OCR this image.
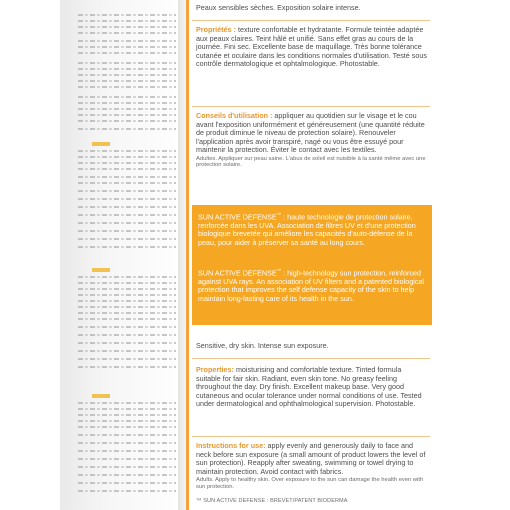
Peaux sensibles sèches. Exposition solaire intense.

Propriétés : texture confortable et hydratante. Formule teintée adaptée aux peaux claires. Teint hâlé et unifié. Sans effet gras au cours de la journée. Fini sec. Excellente base de maquillage. Très bonne tolérance cutanée et oculaire dans les conditions normales d'utilisation. Testé sous contrôle dermatologique et ophtalmologique. Photostable.

Conseils d'utilisation : appliquer au quotidien sur le visage et le cou avant l'exposition uniformément et généreusement (une quantité réduite de produit diminue le niveau de protection solaire). Renouveler l'application après avoir transpiré, nagé ou vous être essuyé pour maintenir la protection. Éviter le contact avec les textiles.

Adultes. Appliquer sur peau saine. L'abus de soleil est nuisible à la santé même avec une protection solaire.

SUN ACTIVE DEFENSE™ : haute technologie de protection solaire, renforcée dans les UVA. Association de filtres UV et d'une protection biologique brevetée qui améliore les capacités d'auto-défense de la peau, pour aider à préserver sa santé au long cours.

SUN ACTIVE DEFENSE™ : high-technology sun protection, reinforced against UVA rays. An association of UV filters and a patented biological protection that improves the self defense capacity of the skin to help maintain long-lasting care of its health in the sun.

Sensitive, dry skin. Intense sun exposure.

Properties: moisturising and comfortable texture. Tinted formula suitable for fair skin. Radiant, even skin tone. No greasy feeling throughout the day. Dry finish. Excellent makeup base. Very good cutaneous and ocular tolerance under normal conditions of use. Tested under dermatological and ophthalmological supervision. Photostable.

Instructions for use: apply evenly and generously daily to face and neck before sun exposure (a small amount of product lowers the level of sun protection). Reapply after sweating, swimming or towel drying to maintain protection. Avoid contact with fabrics.

Adults. Apply to healthy skin. Over exposure to the sun can damage the health even with sun protection.

™ SUN ACTIVE DEFENSE : BREVET/PATENT BIODERMA
